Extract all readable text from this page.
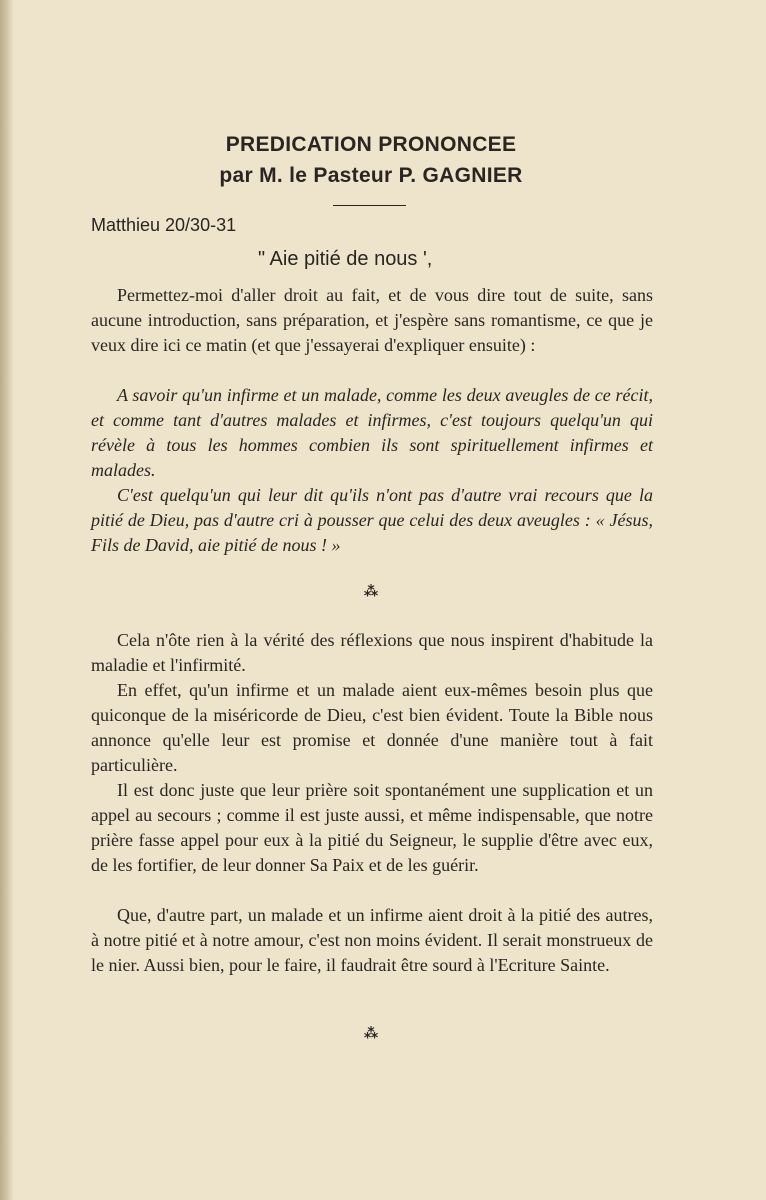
PREDICATION PRONONCEE
par M. le Pasteur P. GAGNIER
Matthieu 20/30-31
" Aie pitié de nous ',

Permettez-moi d'aller droit au fait, et de vous dire tout de suite, sans aucune introduction, sans préparation, et j'espère sans romantisme, ce que je veux dire ici ce matin (et que j'essayerai d'expliquer ensuite) :

A savoir qu'un infirme et un malade, comme les deux aveugles de ce récit, et comme tant d'autres malades et infirmes, c'est toujours quelqu'un qui révèle à tous les hommes combien ils sont spirituellement infirmes et malades.

C'est quelqu'un qui leur dit qu'ils n'ont pas d'autre vrai recours que la pitié de Dieu, pas d'autre cri à pousser que celui des deux aveugles : « Jésus, Fils de David, aie pitié de nous ! »

⁂

Cela n'ôte rien à la vérité des réflexions que nous inspirent d'habitude la maladie et l'infirmité.

En effet, qu'un infirme et un malade aient eux-mêmes besoin plus que quiconque de la miséricorde de Dieu, c'est bien évident. Toute la Bible nous annonce qu'elle leur est promise et donnée d'une manière tout à fait particulière.

Il est donc juste que leur prière soit spontanément une supplication et un appel au secours ; comme il est juste aussi, et même indispensable, que notre prière fasse appel pour eux à la pitié du Seigneur, le supplie d'être avec eux, de les fortifier, de leur donner Sa Paix et de les guérir.

Que, d'autre part, un malade et un infirme aient droit à la pitié des autres, à notre pitié et à notre amour, c'est non moins évident. Il serait monstrueux de le nier. Aussi bien, pour le faire, il faudrait être sourd à l'Ecriture Sainte.

⁂
